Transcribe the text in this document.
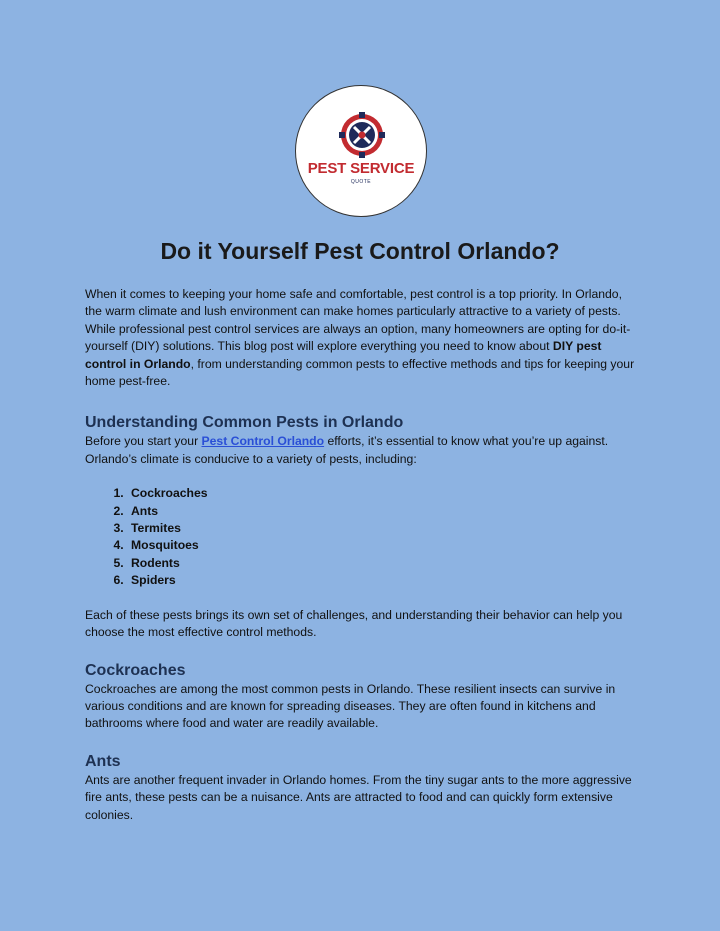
PEST SERVICE
QUOTE
Do it Yourself Pest Control Orlando?

When it comes to keeping your home safe and comfortable, pest control is a top priority. In Orlando, the warm climate and lush environment can make homes particularly attractive to a variety of pests. While professional pest control services are always an option, many homeowners are opting for do-it-yourself (DIY) solutions. This blog post will explore everything you need to know about DIY pest control in Orlando, from understanding common pests to effective methods and tips for keeping your home pest-free.

Understanding Common Pests in Orlando

Before you start your Pest Control Orlando efforts, it’s essential to know what you’re up against. Orlando’s climate is conducive to a variety of pests, including:

1. Cockroaches
2. Ants
3. Termites
4. Mosquitoes
5. Rodents
6. Spiders

Each of these pests brings its own set of challenges, and understanding their behavior can help you choose the most effective control methods.

Cockroaches

Cockroaches are among the most common pests in Orlando. These resilient insects can survive in various conditions and are known for spreading diseases. They are often found in kitchens and bathrooms where food and water are readily available.

Ants

Ants are another frequent invader in Orlando homes. From the tiny sugar ants to the more aggressive fire ants, these pests can be a nuisance. Ants are attracted to food and can quickly form extensive colonies.
